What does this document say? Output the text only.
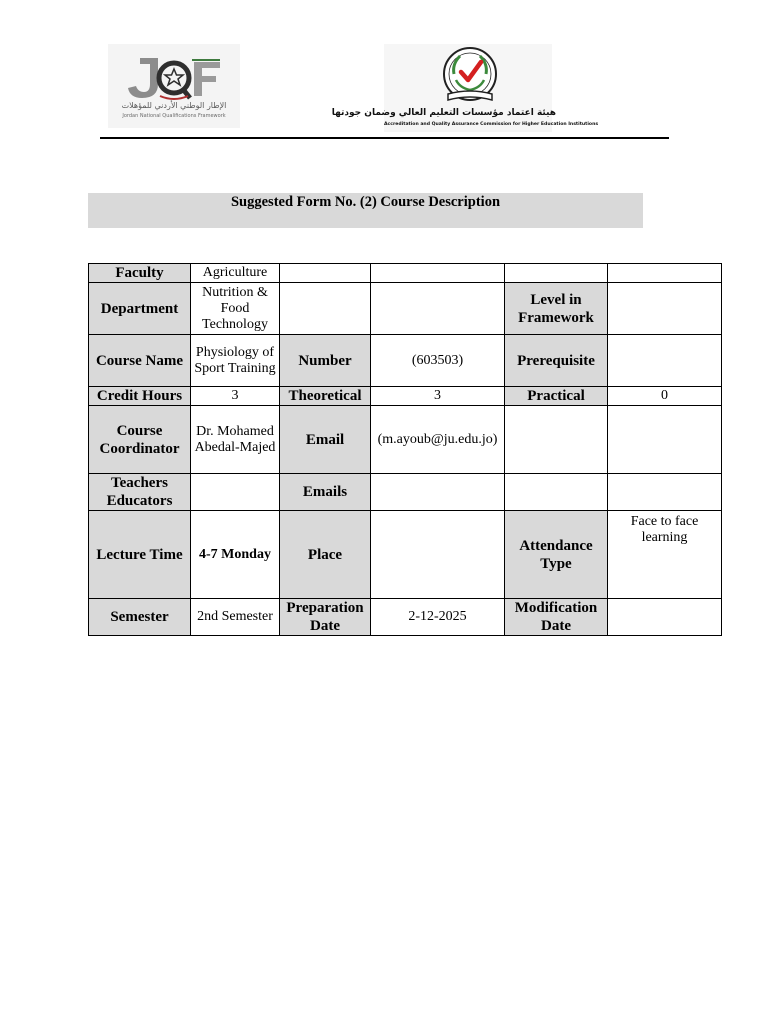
الإطار الوطني الأردني للمؤهلات
Jordan National Qualifications Framework	هيئة اعتماد مؤسسات التعليم العالي وضمان جودتها
Accreditation and Quality Assurance Commission for Higher Education Institutions
Suggested Form No. (2) Course Description
Faculty	Agriculture				
Department	Nutrition & Food Technology			Level in Framework	
Course Name	Physiology of Sport Training	Number	(603503)	Prerequisite	
Credit Hours	3	Theoretical	3	Practical	0
Course Coordinator	Dr. Mohamed Abedal-Majed	Email	(m.ayoub@ju.edu.jo)		
Teachers Educators		Emails			
Lecture Time	4-7 Monday	Place		Attendance Type	Face to face learning
Semester	2nd Semester	Preparation Date	2-12-2025	Modification Date	
